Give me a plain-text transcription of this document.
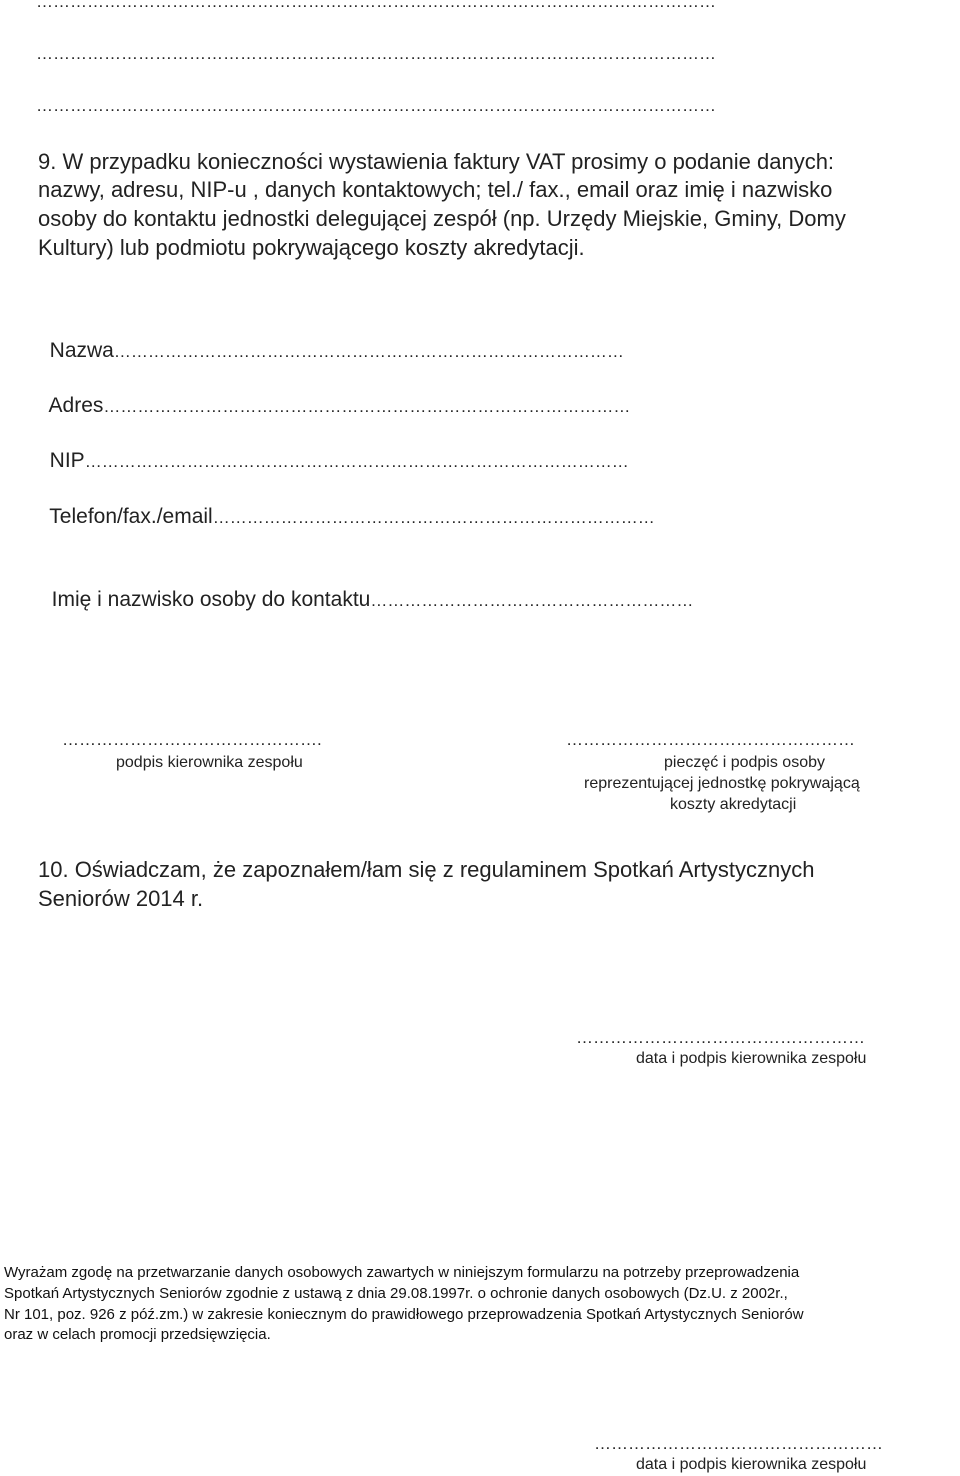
…………………………………………………………………………………………………………
…………………………………………………………………………………………………………
…………………………………………………………………………………………………………
9. W przypadku konieczności wystawienia faktury VAT prosimy o podanie danych:
nazwy, adresu, NIP-u , danych kontaktowych; tel./ fax., email oraz imię i nazwisko
osoby do kontaktu jednostki delegującej zespół (np. Urzędy Miejskie, Gminy, Domy
Kultury) lub podmiotu pokrywającego koszty akredytacji.

Nazwa………………………………………………………………………………

Adres…………………………………………………………………………………

NIP……………………………………………………………………………………

Telefon/fax./email……………………………………………………………………

Imię i nazwisko osoby do kontaktu…………………………………………………

……………………………………….
podpis kierownika zespołu
……………………………………………
pieczęć i podpis osoby
reprezentującej jednostkę pokrywającą
koszty akredytacji
10. Oświadczam, że zapoznałem/łam się z regulaminem Spotkań Artystycznych
Seniorów 2014 r.
……………………………………………
data i podpis kierownika zespołu
Wyrażam zgodę na przetwarzanie danych osobowych zawartych w niniejszym formularzu na potrzeby przeprowadzenia
Spotkań Artystycznych Seniorów zgodnie z ustawą z dnia 29.08.1997r. o ochronie danych osobowych (Dz.U. z 2002r.,
Nr 101, poz. 926 z póź.zm.) w zakresie koniecznym do prawidłowego przeprowadzenia Spotkań Artystycznych Seniorów
oraz w celach promocji przedsięwzięcia.
……………………………………………
data i podpis kierownika zespołu
